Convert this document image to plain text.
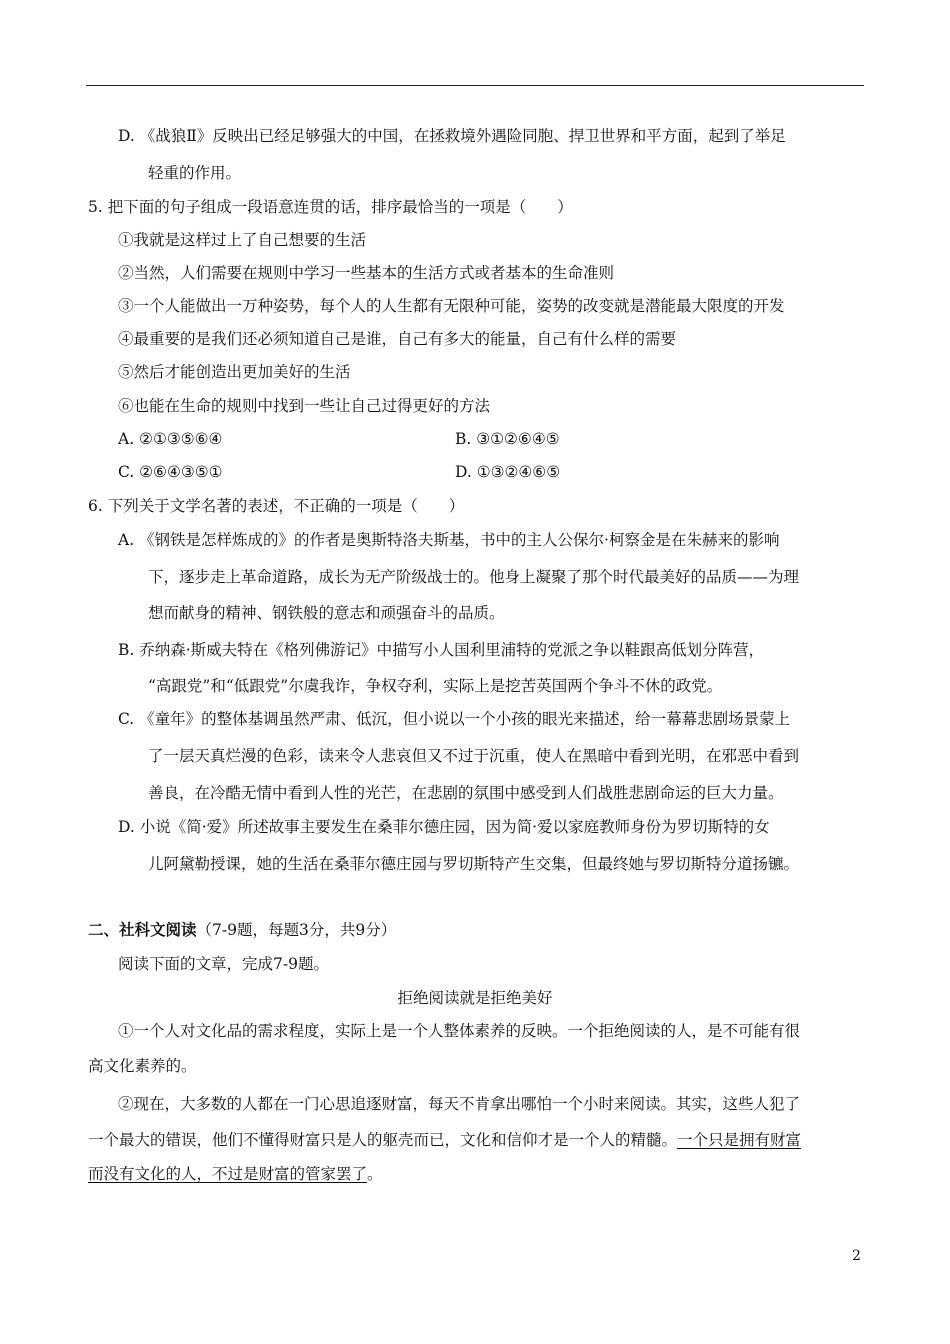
D. 《战狼Ⅱ》反映出已经足够强大的中国，在拯救境外遇险同胞、捍卫世界和平方面，起到了举足
轻重的作用。
5. 把下面的句子组成一段语意连贯的话，排序最恰当的一项是（　　）
①我就是这样过上了自己想要的生活
②当然，人们需要在规则中学习一些基本的生活方式或者基本的生命准则
③一个人能做出一万种姿势，每个人的人生都有无限种可能，姿势的改变就是潜能最大限度的开发
④最重要的是我们还必须知道自己是谁，自己有多大的能量，自己有什么样的需要
⑤然后才能创造出更加美好的生活
⑥也能在生命的规则中找到一些让自己过得更好的方法
A. ②①③⑤⑥④	B. ③①②⑥④⑤
C. ②⑥④③⑤①	D. ①③②④⑥⑤
6. 下列关于文学名著的表述，不正确的一项是（　　）
A. 《钢铁是怎样炼成的》的作者是奥斯特洛夫斯基，书中的主人公保尔·柯察金是在朱赫来的影响
下，逐步走上革命道路，成长为无产阶级战士的。他身上凝聚了那个时代最美好的品质——为理
想而献身的精神、钢铁般的意志和顽强奋斗的品质。
B. 乔纳森·斯威夫特在《格列佛游记》中描写小人国利里浦特的党派之争以鞋跟高低划分阵营，
“高跟党”和“低跟党”尔虞我诈，争权夺利，实际上是挖苦英国两个争斗不休的政党。
C. 《童年》的整体基调虽然严肃、低沉，但小说以一个小孩的眼光来描述，给一幕幕悲剧场景蒙上
了一层天真烂漫的色彩，读来令人悲哀但又不过于沉重，使人在黑暗中看到光明，在邪恶中看到
善良，在冷酷无情中看到人性的光芒，在悲剧的氛围中感受到人们战胜悲剧命运的巨大力量。
D. 小说《简·爱》所述故事主要发生在桑菲尔德庄园，因为简·爱以家庭教师身份为罗切斯特的女
儿阿黛勒授课，她的生活在桑菲尔德庄园与罗切斯特产生交集，但最终她与罗切斯特分道扬镳。
二、社科文阅读（7-9题，每题3分，共9分）
阅读下面的文章，完成7-9题。
拒绝阅读就是拒绝美好
①一个人对文化品的需求程度，实际上是一个人整体素养的反映。一个拒绝阅读的人，是不可能有很
高文化素养的。
②现在，大多数的人都在一门心思追逐财富，每天不肯拿出哪怕一个小时来阅读。其实，这些人犯了
一个最大的错误，他们不懂得财富只是人的躯壳而已，文化和信仰才是一个人的精髓。一个只是拥有财富
而没有文化的人，不过是财富的管家罢了。
2
